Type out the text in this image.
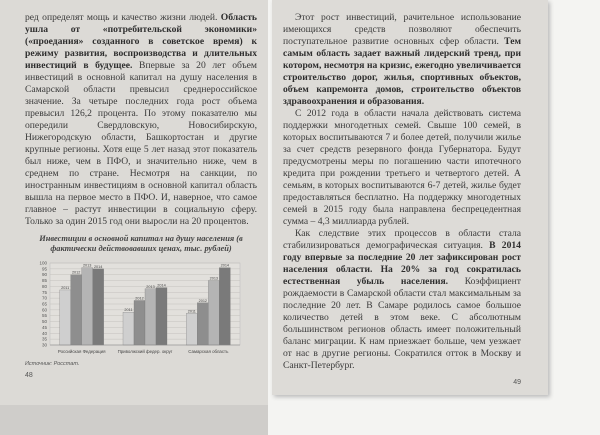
ред определят мощь и качество жизни людей. Область ушла от «потребительской экономики» («проедания» созданного в советское время) к режиму развития, воспроизводства и длительных инвестиций в будущее. Впервые за 20 лет объем инвестиций в основной капитал на душу населения в Самарской области превысил среднероссийское значение. За четыре последних года рост объема превысил 126,2 процента. По этому показателю мы опередили Свердловскую, Новосибирскую, Нижегородскую области, Башкортостан и другие крупные регионы. Хотя еще 5 лет назад этот показатель был ниже, чем в ПФО, и значительно ниже, чем в среднем по стране. Несмотря на санкции, по иностранным инвестициям в основной капитал область вышла на первое место в ПФО. И, наверное, что самое главное – растут инвестиции в социальную сферу. Только за один 2015 год они выросли на 20 процентов.

Инвестиции в основной капитал на душу населения (в фактически действовавших ценах, тыс. рублей)
30
35
40
45
50
55
60
65
70
75
80
85
90
95
100
2011
2012
2013 2014
Российская Федерация
2011
2012
2013 2014
Приволжский федер. округ
2011
2012
2013
2014
Самарская область
Источник: Росстат.
48

Этот рост инвестиций, рачительное использование имеющихся средств позволяют обеспечить поступательное развитие основных сфер области. Тем самым область задает важный лидерский тренд, при котором, несмотря на кризис, ежегодно увеличивается строительство дорог, жилья, спортивных объектов, объем капремонта домов, строительство объектов здравоохранения и образования.

С 2012 года в области начала действовать система поддержки многодетных семей. Свыше 100 семей, в которых воспитываются 7 и более детей, получили жилье за счет средств резервного фонда Губернатора. Будут предусмотрены меры по погашению части ипотечного кредита при рождении третьего и четвертого детей. А семьям, в которых воспитываются 6-7 детей, жилье будет предоставляться бесплатно. На поддержку многодетных семей в 2015 году была направлена беспрецедентная сумма – 4,3 миллиарда рублей.

Как следствие этих процессов в области стала стабилизироваться демографическая ситуация. В 2014 году впервые за последние 20 лет зафиксирован рост населения области. На 20% за год сократилась естественная убыль населения. Коэффициент рождаемости в Самарской области стал максимальным за последние 20 лет. В Самаре родилось самое большое количество детей в этом веке. С абсолютным большинством регионов область имеет положительный баланс миграции. К нам приезжает больше, чем уезжает от нас в другие регионы. Сократился отток в Москву и Санкт-Петербург.

49
